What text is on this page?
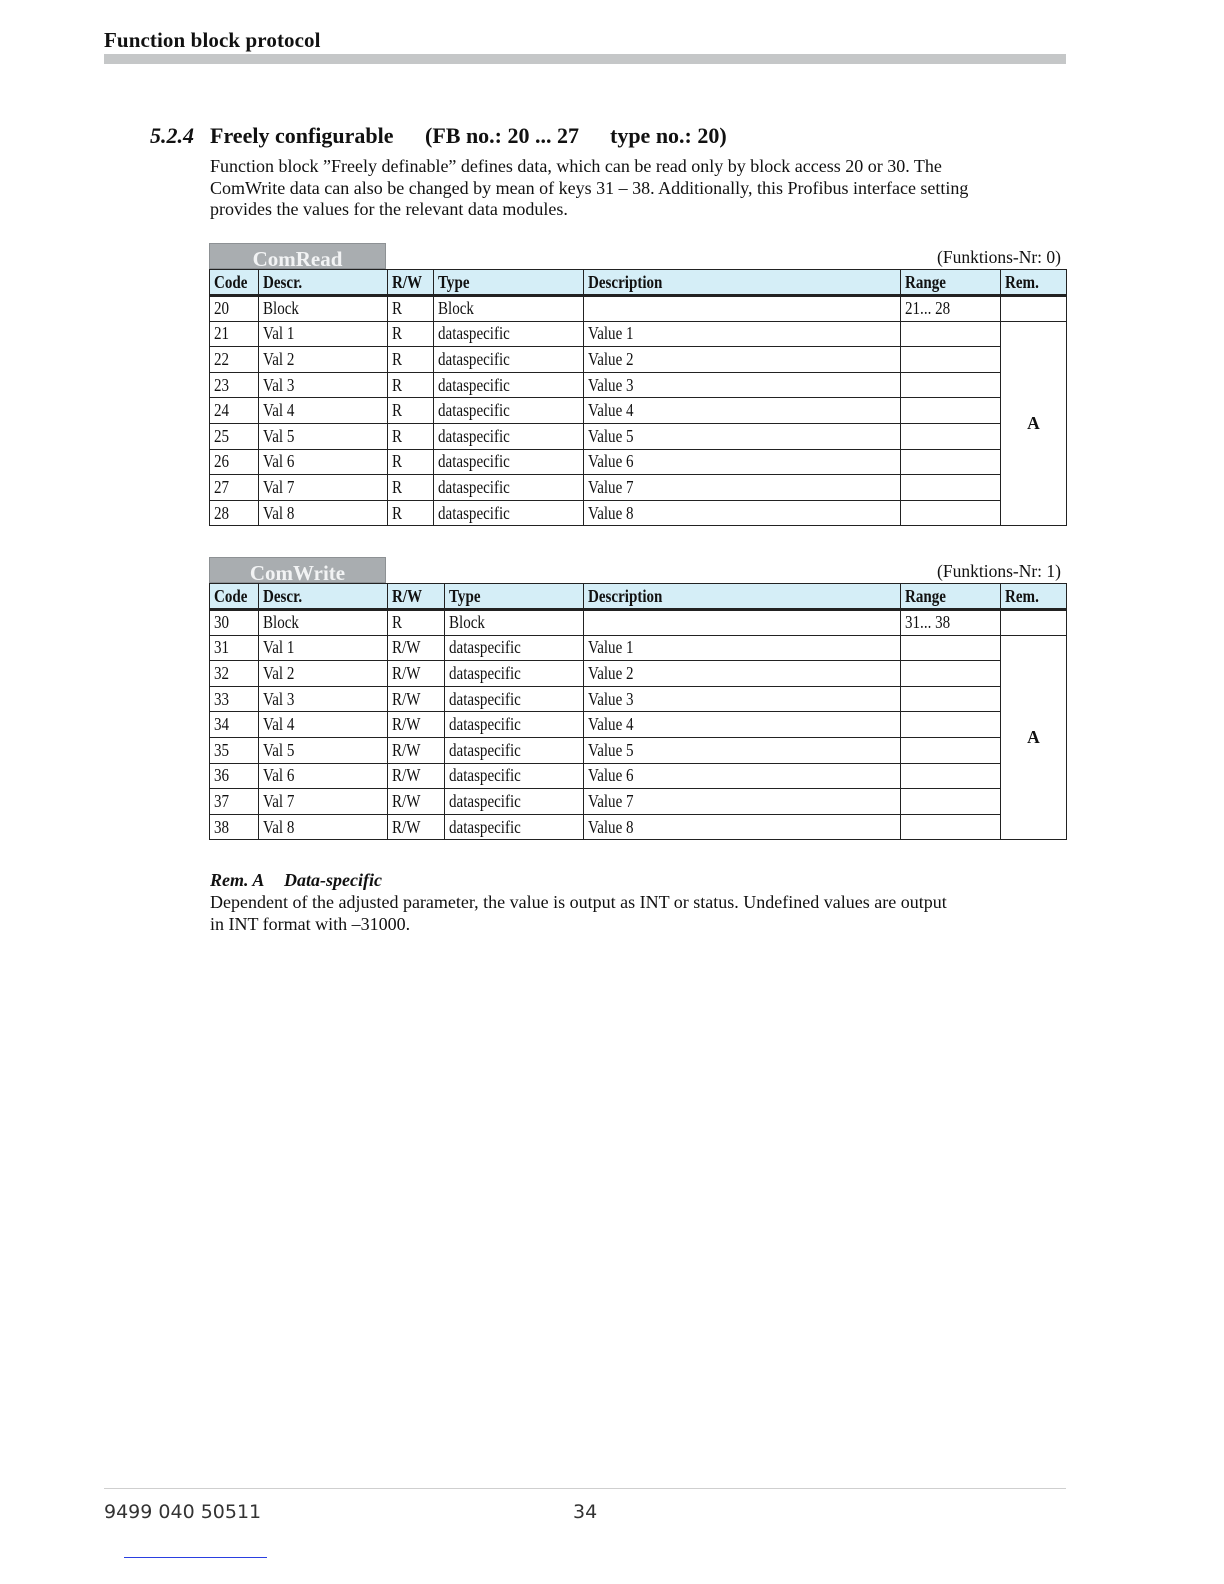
Function block protocol
5.2.4 Freely configurable (FB no.: 20 ... 27 type no.: 20)
Function block ”Freely definable” defines data, which can be read only by block access 20 or 30. The
ComWrite data can also be changed by mean of keys 31 – 38. Additionally, this Profibus interface setting
provides the values for the relevant data modules.
ComRead	(Funktions-Nr: 0)
Code	Descr.	R/W	Type	Description	Range	Rem.
20	Block	R	Block		21... 28	
21	Val 1	R	dataspecific	Value 1		A
22	Val 2	R	dataspecific	Value 2		
23	Val 3	R	dataspecific	Value 3		
24	Val 4	R	dataspecific	Value 4		
25	Val 5	R	dataspecific	Value 5		
26	Val 6	R	dataspecific	Value 6		
27	Val 7	R	dataspecific	Value 7		
28	Val 8	R	dataspecific	Value 8		
ComWrite	(Funktions-Nr: 1)
Code	Descr.	R/W	Type	Description	Range	Rem.
30	Block	R	Block		31... 38	
31	Val 1	R/W	dataspecific	Value 1		A
32	Val 2	R/W	dataspecific	Value 2		
33	Val 3	R/W	dataspecific	Value 3		
34	Val 4	R/W	dataspecific	Value 4		
35	Val 5	R/W	dataspecific	Value 5		
36	Val 6	R/W	dataspecific	Value 6		
37	Val 7	R/W	dataspecific	Value 7		
38	Val 8	R/W	dataspecific	Value 8		
Rem. A Data-specific
Dependent of the adjusted parameter, the value is output as INT or status. Undefined values are output
in INT format with –31000.
9499 040 50511	34
